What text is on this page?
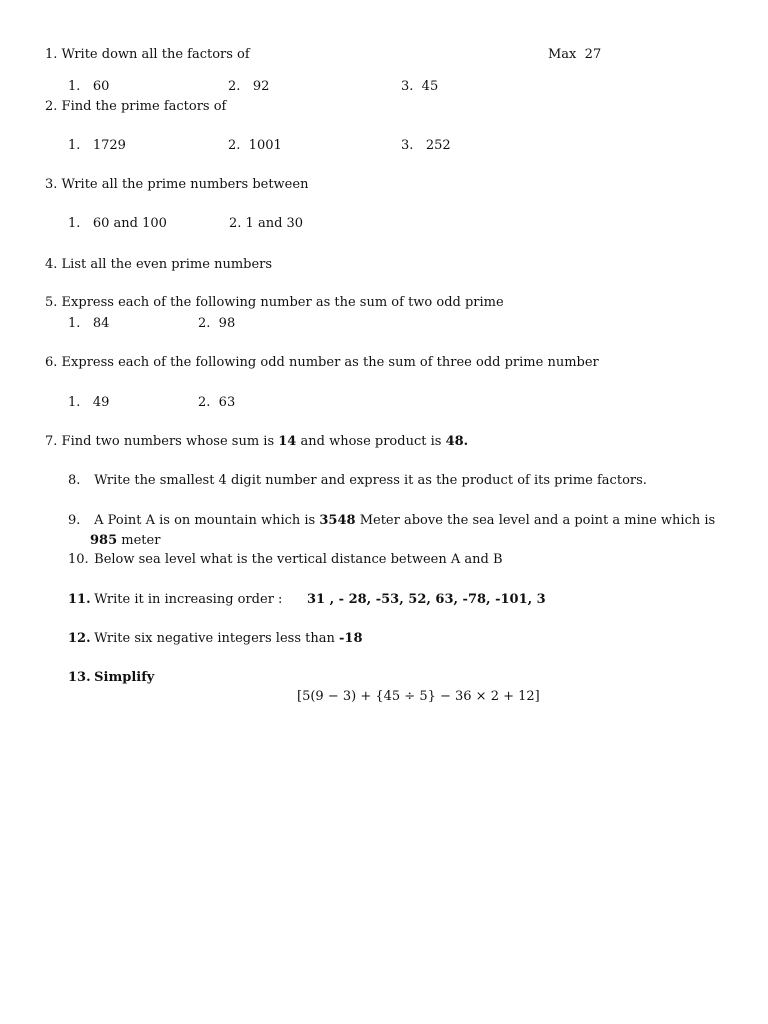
1. Write down all the factors of	Max 27
1. 60	2. 92	3. 45
2. Find the prime factors of
1. 1729	2. 1001	3. 252
3. Write all the prime numbers between
1. 60 and 100	2. 1 and 30
4. List all the even prime numbers
5. Express each of the following number as the sum of two odd prime
1. 84	2. 98
6. Express each of the following odd number as the sum of three odd prime number
1. 49	2. 63
7. Find two numbers whose sum is 14 and whose product is 48.
8. Write the smallest 4 digit number and express it as the product of its prime factors.
9. A Point A is on mountain which is 3548 Meter above the sea level and a point a mine which is
985 meter
10. Below sea level what is the vertical distance between A and B
11. Write it in increasing order : 31 , - 28, -53, 52, 63, -78, -101, 3
12. Write six negative integers less than -18
13. Simplify
[5(9 − 3) + {45 ÷ 5} − 36 × 2 + 12]
